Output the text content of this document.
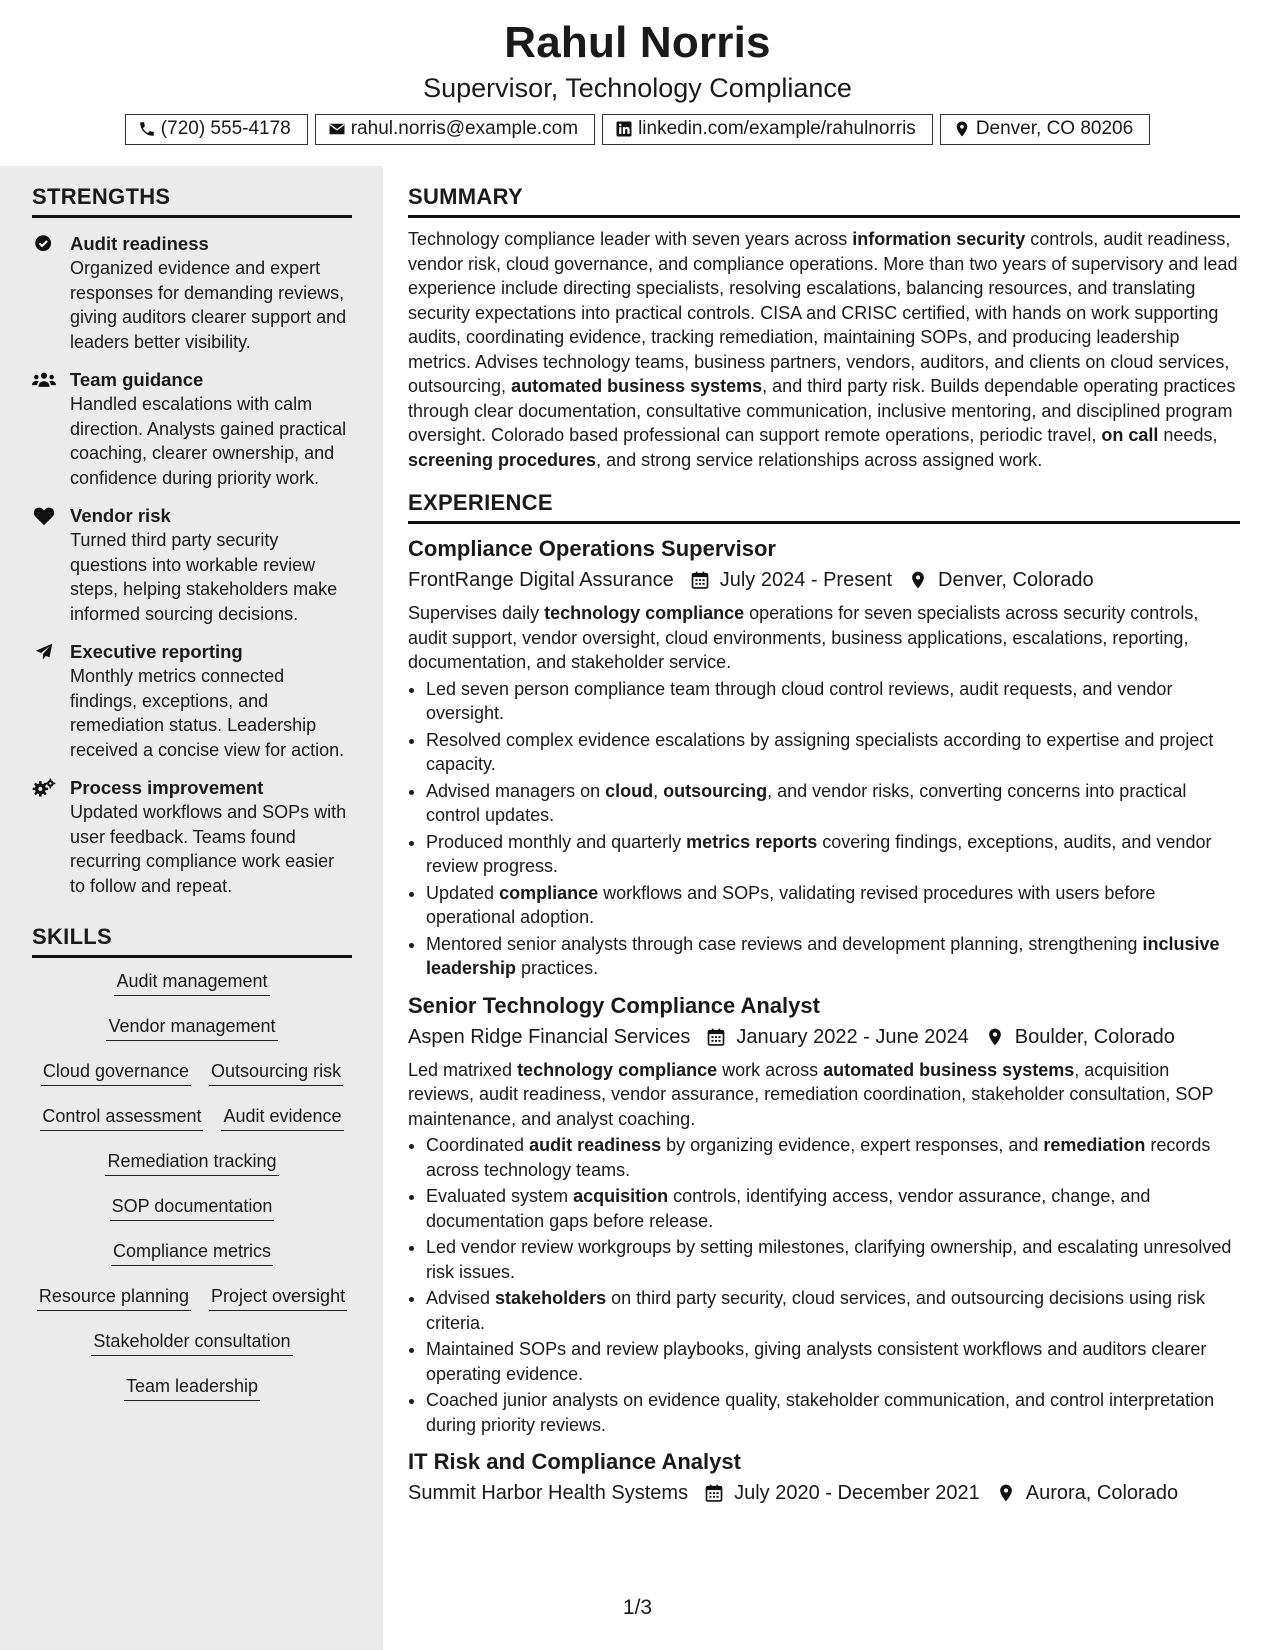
Rahul Norris
Supervisor, Technology Compliance
(720) 555-4178	rahul.norris@example.com	linkedin.com/example/rahulnorris	Denver, CO 80206
STRENGTHS
Audit readiness
Organized evidence and expert responses for demanding reviews, giving auditors clearer support and leaders better visibility.
Team guidance
Handled escalations with calm direction. Analysts gained practical coaching, clearer ownership, and confidence during priority work.
Vendor risk
Turned third party security questions into workable review steps, helping stakeholders make informed sourcing decisions.
Executive reporting
Monthly metrics connected findings, exceptions, and remediation status. Leadership received a concise view for action.
Process improvement
Updated workflows and SOPs with user feedback. Teams found recurring compliance work easier to follow and repeat.
SKILLS
Audit management
Vendor management
Cloud governance Outsourcing risk
Control assessment Audit evidence
Remediation tracking
SOP documentation
Compliance metrics
Resource planning Project oversight
Stakeholder consultation
Team leadership
SUMMARY
Technology compliance leader with seven years across information security controls, audit readiness, vendor risk, cloud governance, and compliance operations. More than two years of supervisory and lead experience include directing specialists, resolving escalations, balancing resources, and translating security expectations into practical controls. CISA and CRISC certified, with hands on work supporting audits, coordinating evidence, tracking remediation, maintaining SOPs, and producing leadership metrics. Advises technology teams, business partners, vendors, auditors, and clients on cloud services, outsourcing, automated business systems, and third party risk. Builds dependable operating practices through clear documentation, consultative communication, inclusive mentoring, and disciplined program oversight. Colorado based professional can support remote operations, periodic travel, on call needs, screening procedures, and strong service relationships across assigned work.
EXPERIENCE
Compliance Operations Supervisor
FrontRange Digital Assurance July 2024 - Present Denver, Colorado
Supervises daily technology compliance operations for seven specialists across security controls, audit support, vendor oversight, cloud environments, business applications, escalations, reporting, documentation, and stakeholder service.
• Led seven person compliance team through cloud control reviews, audit requests, and vendor oversight.
• Resolved complex evidence escalations by assigning specialists according to expertise and project capacity.
• Advised managers on cloud, outsourcing, and vendor risks, converting concerns into practical control updates.
• Produced monthly and quarterly metrics reports covering findings, exceptions, audits, and vendor review progress.
• Updated compliance workflows and SOPs, validating revised procedures with users before operational adoption.
• Mentored senior analysts through case reviews and development planning, strengthening inclusive leadership practices.
Senior Technology Compliance Analyst
Aspen Ridge Financial Services January 2022 - June 2024 Boulder, Colorado
Led matrixed technology compliance work across automated business systems, acquisition reviews, audit readiness, vendor assurance, remediation coordination, stakeholder consultation, SOP maintenance, and analyst coaching.
• Coordinated audit readiness by organizing evidence, expert responses, and remediation records across technology teams.
• Evaluated system acquisition controls, identifying access, vendor assurance, change, and documentation gaps before release.
• Led vendor review workgroups by setting milestones, clarifying ownership, and escalating unresolved risk issues.
• Advised stakeholders on third party security, cloud services, and outsourcing decisions using risk criteria.
• Maintained SOPs and review playbooks, giving analysts consistent workflows and auditors clearer operating evidence.
• Coached junior analysts on evidence quality, stakeholder communication, and control interpretation during priority reviews.
IT Risk and Compliance Analyst
Summit Harbor Health Systems July 2020 - December 2021 Aurora, Colorado
1/3
